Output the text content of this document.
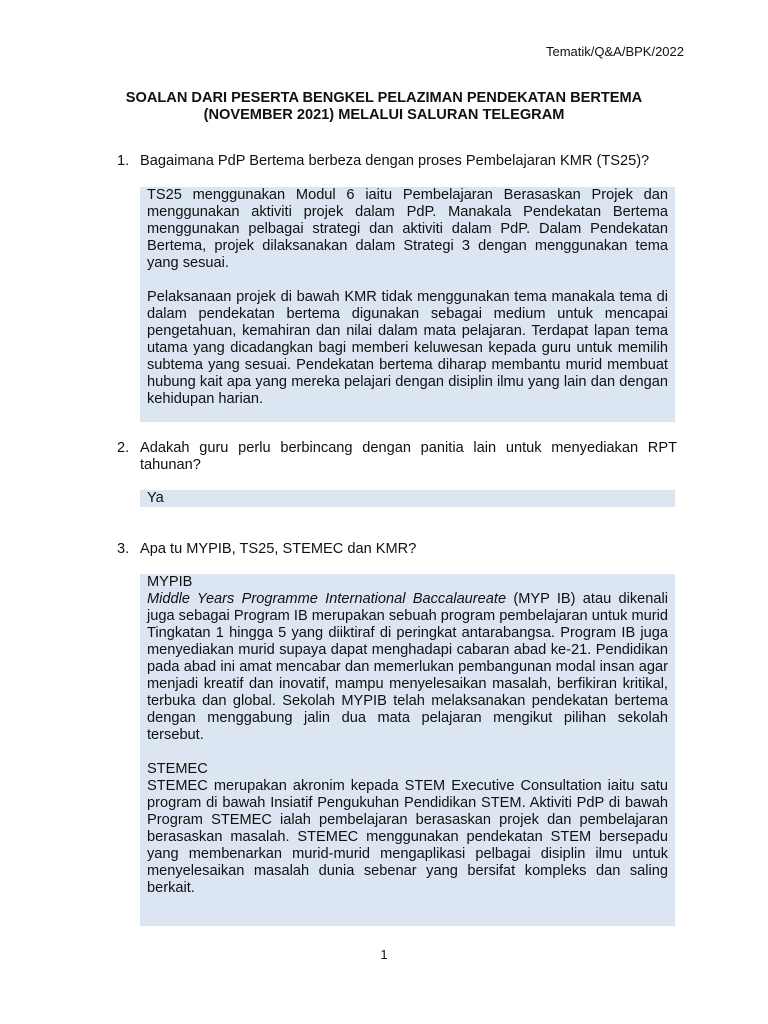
Tematik/Q&A/BPK/2022
SOALAN DARI PESERTA BENGKEL PELAZIMAN PENDEKATAN BERTEMA
(NOVEMBER 2021) MELALUI SALURAN TELEGRAM
1. Bagaimana PdP Bertema berbeza dengan proses Pembelajaran KMR (TS25)?

TS25 menggunakan Modul 6 iaitu Pembelajaran Berasaskan Projek dan menggunakan aktiviti projek dalam PdP. Manakala Pendekatan Bertema menggunakan pelbagai strategi dan aktiviti dalam PdP. Dalam Pendekatan Bertema, projek dilaksanakan dalam Strategi 3 dengan menggunakan tema yang sesuai.

Pelaksanaan projek di bawah KMR tidak menggunakan tema manakala tema di dalam pendekatan bertema digunakan sebagai medium untuk mencapai pengetahuan, kemahiran dan nilai dalam mata pelajaran. Terdapat lapan tema utama yang dicadangkan bagi memberi keluwesan kepada guru untuk memilih subtema yang sesuai. Pendekatan bertema diharap membantu murid membuat hubung kait apa yang mereka pelajari dengan disiplin ilmu yang lain dan dengan kehidupan harian.

2. Adakah guru perlu berbincang dengan panitia lain untuk menyediakan RPT tahunan?

Ya

3. Apa tu MYPIB, TS25, STEMEC dan KMR?

MYPIB

Middle Years Programme International Baccalaureate (MYP IB) atau dikenali juga sebagai Program IB merupakan sebuah program pembelajaran untuk murid Tingkatan 1 hingga 5 yang diiktiraf di peringkat antarabangsa. Program IB juga menyediakan murid supaya dapat menghadapi cabaran abad ke-21. Pendidikan pada abad ini amat mencabar dan memerlukan pembangunan modal insan agar menjadi kreatif dan inovatif, mampu menyelesaikan masalah, berfikiran kritikal, terbuka dan global. Sekolah MYPIB telah melaksanakan pendekatan bertema dengan menggabung jalin dua mata pelajaran mengikut pilihan sekolah tersebut.

STEMEC

STEMEC merupakan akronim kepada STEM Executive Consultation iaitu satu program di bawah Insiatif Pengukuhan Pendidikan STEM. Aktiviti PdP di bawah Program STEMEC ialah pembelajaran berasaskan projek dan pembelajaran berasaskan masalah. STEMEC menggunakan pendekatan STEM bersepadu yang membenarkan murid-murid mengaplikasi pelbagai disiplin ilmu untuk menyelesaikan masalah dunia sebenar yang bersifat kompleks dan saling berkait.

1
